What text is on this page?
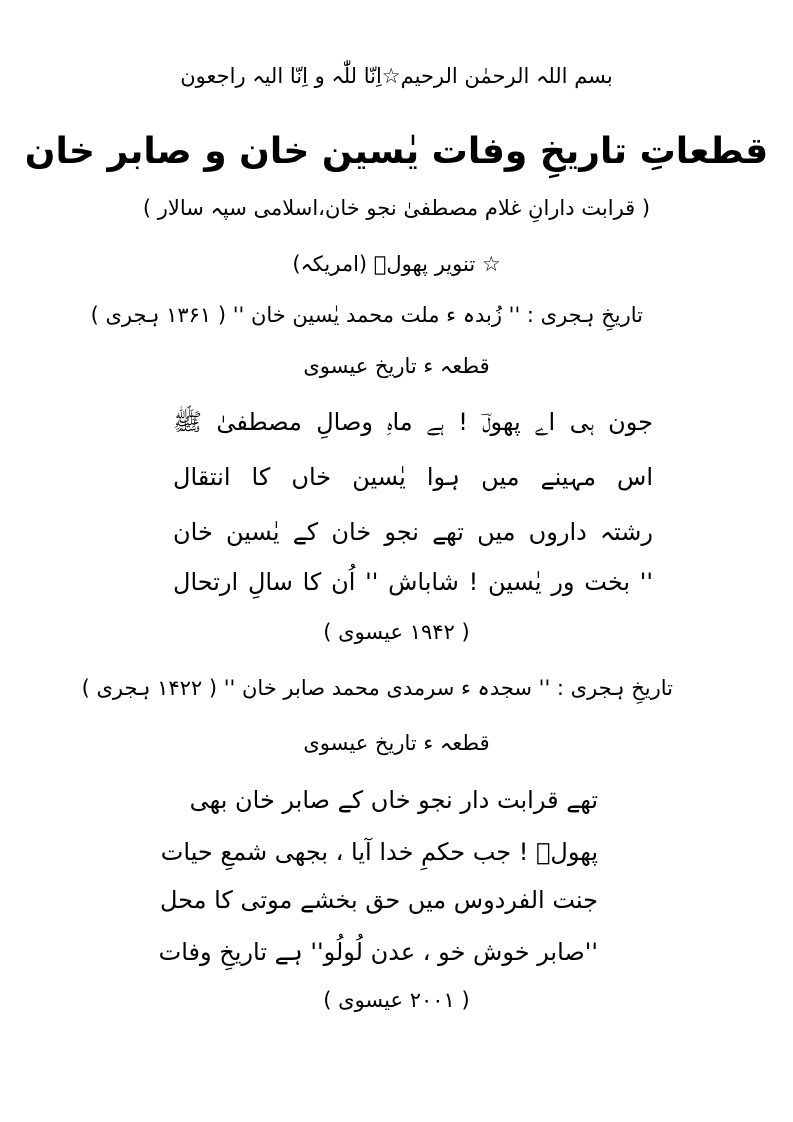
بسم اللہ الرحمٰن الرحیم☆اِنّا للّٰہ و اِنّا الیہ راجعون
قطعاتِ تاریخِ وفات یٰسین خان و صابر خان
( قرابت دارانِ غلام مصطفیٰ نجو خان،اسلامی سپہ سالار )
☆ تنویر پھولؔ (امریکہ)
تاریخِ ہجری : '' زُبدہ ء ملت محمد یٰسین خان '' ( ۱۳۶۱ ہجری )
قطعہ ء تاریخ عیسوی
جون ہی اے پھولؔ ! ہے ماہِ وصالِ مصطفیٰ ﷺ
اس مہینے میں ہوا یٰسین خاں کا انتقال
رشتہ داروں میں تھے نجو خان کے یٰسین خان
'' بخت ور یٰسین ! شاباش '' اُن کا سالِ ارتحال
( ۱۹۴۲ عیسوی )
تاریخِ ہجری : '' سجدہ ء سرمدی محمد صابر خان '' ( ۱۴۲۲ ہجری )
قطعہ ء تاریخ عیسوی
تھے قرابت دار نجو خاں کے صابر خان بھی
پھولؔ ! جب حکمِ خدا آیا ، بجھی شمعِ حیات
جنت الفردوس میں حق بخشے موتی کا محل
''صابر خوش خو ، عدن لُولُو'' ہے تاریخِ وفات
( ۲۰۰۱ عیسوی )
